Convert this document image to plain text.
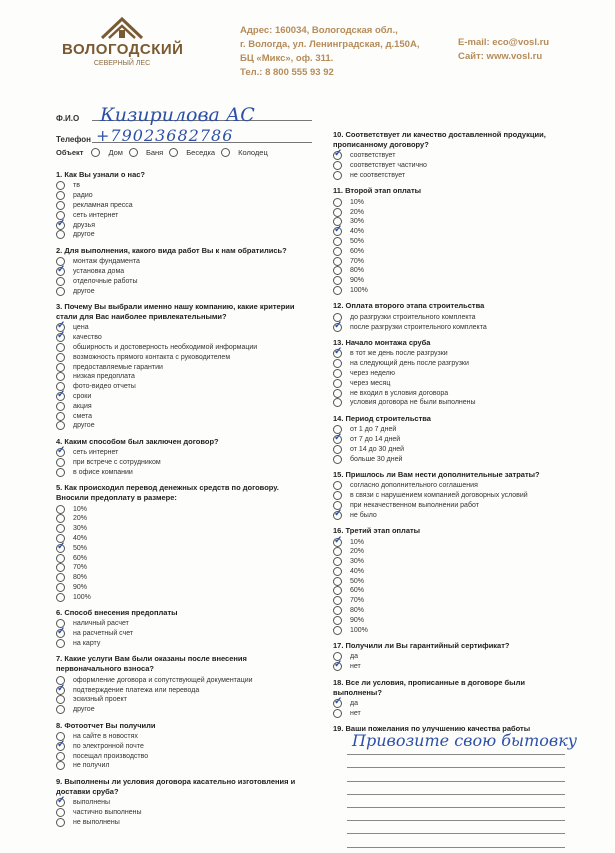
ВОЛОГОДСКИЙ
СЕВЕРНЫЙ ЛЕС
Адрес: 160034, Вологодская обл.,
г. Вологда, ул. Ленинградская, д.150А,
БЦ «Микс», оф. 311.
Тел.: 8 800 555 93 92
E-mail: eco@vosl.ru
Сайт: www.vosl.ru
Ф.И.О Кизирилова АС
Телефон +79023682786
Объект	Дом	Баня	Беседка	Колодец
1. Как Вы узнали о нас?
тв
радио
рекламная пресса
сеть интернет
✓
друзья
другое
2. Для выполнения, какого вида работ Вы к нам обратились?
монтаж фундамента
✓
установка дома
отделочные работы
другое
3. Почему Вы выбрали именно нашу компанию, какие критерии стали для Вас наиболее привлекательными?
✓
цена
✓
качество
обширность и достоверность необходимой информации
возможность прямого контакта с руководителем
предоставляемые гарантии
низкая предоплата
фото-видео отчеты
✓
сроки
акция
смета
другое
4. Каким способом был заключен договор?
✓
сеть интернет
при встрече с сотрудником
в офисе компании
5. Как происходил перевод денежных средств по договору. Вносили предоплату в размере:
10%
20%
30%
40%
✓
50%
60%
70%
80%
90%
100%
6. Способ внесения предоплаты
наличный расчет
✓
на расчетный счет
на карту
7. Какие услуги Вам были оказаны после внесения первоначального взноса?
оформление договора и сопутствующей документации
✓
подтверждение платежа или перевода
эскизный проект
другое
8. Фотоотчет Вы получили
на сайте в новостях
✓
по электронной почте
посещал производство
не получил
9. Выполнены ли условия договора касательно изготовления и доставки сруба?
✓
выполнены
частично выполнены
не выполнены
10. Соответствует ли качество доставленной продукции, прописанному договору?
✓
соответствует
соответствует частично
не соответствует
11. Второй этап оплаты
10%
20%
30%
✓
40%
50%
60%
70%
80%
90%
100%
12. Оплата второго этапа строительства
до разгрузки строительного комплекта
✓
после разгрузки строительного комплекта
13. Начало монтажа сруба
✓
в тот же день после разгрузки
на следующий день после разгрузки
через неделю
через месяц
не входил в условия договора
условия договора не были выполнены
14. Период строительства
от 1 до 7 дней
✓
от 7 до 14 дней
от 14 до 30 дней
больше 30 дней
15. Пришлось ли Вам нести дополнительные затраты?
согласно дополнительного соглашения
в связи с нарушением компанией договорных условий
при некачественном выполнении работ
✓
не было
16. Третий этап оплаты
✓
10%
20%
30%
40%
50%
60%
70%
80%
90%
100%
17. Получили ли Вы гарантийный сертификат?
да
✓
нет
18. Все ли условия, прописанные в договоре были выполнены?
✓
да
нет
19. Ваши пожелания по улучшению качества работы
Привозите свою бытовку
